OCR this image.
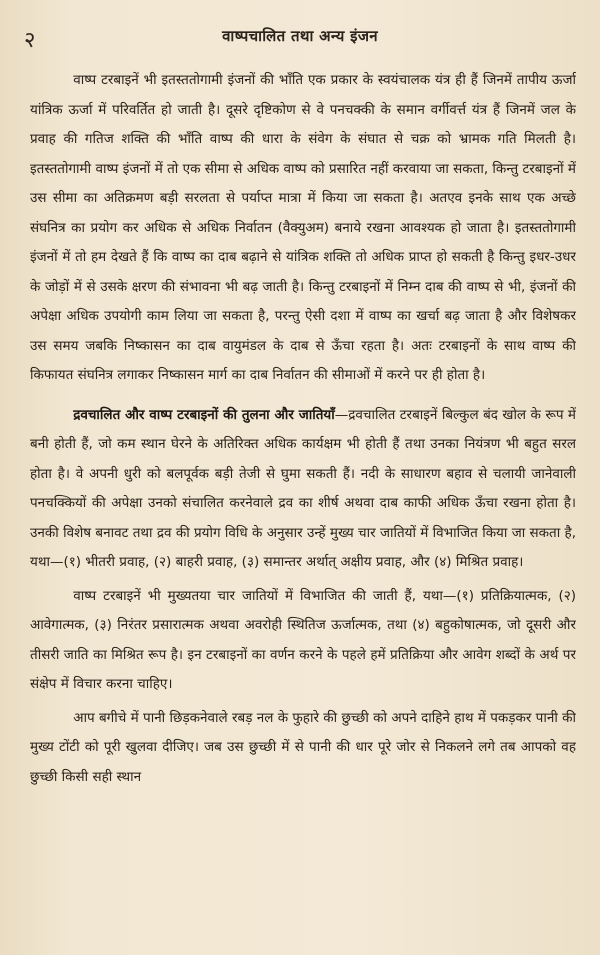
२	वाष्पचालित तथा अन्य इंजन

वाष्प टरबाइनें भी इतस्ततोगामी इंजनों की भाँति एक प्रकार के स्वयंचालक यंत्र ही हैं जिनमें तापीय ऊर्जा यांत्रिक ऊर्जा में परिवर्तित हो जाती है। दूसरे दृष्टिकोण से वे पनचक्की के समान वर्गीवर्त्त यंत्र हैं जिनमें जल के प्रवाह की गतिज शक्ति की भाँति वाष्प की धारा के संवेग के संघात से चक्र को भ्रामक गति मिलती है। इतस्ततोगामी वाष्प इंजनों में तो एक सीमा से अधिक वाष्प को प्रसारित नहीं करवाया जा सकता, किन्तु टरबाइनों में उस सीमा का अतिक्रमण बड़ी सरलता से पर्याप्त मात्रा में किया जा सकता है। अतएव इनके साथ एक अच्छे संघनित्र का प्रयोग कर अधिक से अधिक निर्वातन (वैक्युअम) बनाये रखना आवश्यक हो जाता है। इतस्ततोगामी इंजनों में तो हम देखते हैं कि वाष्प का दाब बढ़ाने से यांत्रिक शक्ति तो अधिक प्राप्त हो सकती है किन्तु इधर-उधर के जोड़ों में से उसके क्षरण की संभावना भी बढ़ जाती है। किन्तु टरबाइनों में निम्न दाब की वाष्प से भी, इंजनों की अपेक्षा अधिक उपयोगी काम लिया जा सकता है, परन्तु ऐसी दशा में वाष्प का खर्चा बढ़ जाता है और विशेषकर उस समय जबकि निष्कासन का दाब वायुमंडल के दाब से ऊँचा रहता है। अतः टरबाइनों के साथ वाष्प की किफायत संघनित्र लगाकर निष्कासन मार्ग का दाब निर्वातन की सीमाओं में करने पर ही होता है।

द्रवचालित और वाष्प टरबाइनों की तुलना और जातियाँ—द्रवचालित टरबाइनें बिल्कुल बंद खोल के रूप में बनी होती हैं, जो कम स्थान घेरने के अतिरिक्त अधिक कार्यक्षम भी होती हैं तथा उनका नियंत्रण भी बहुत सरल होता है। वे अपनी धुरी को बलपूर्वक बड़ी तेजी से घुमा सकती हैं। नदी के साधारण बहाव से चलायी जानेवाली पनचक्कियों की अपेक्षा उनको संचालित करनेवाले द्रव का शीर्ष अथवा दाब काफी अधिक ऊँचा रखना होता है। उनकी विशेष बनावट तथा द्रव की प्रयोग विधि के अनुसार उन्हें मुख्य चार जातियों में विभाजित किया जा सकता है, यथा—(१) भीतरी प्रवाह, (२) बाहरी प्रवाह, (३) समान्तर अर्थात् अक्षीय प्रवाह, और (४) मिश्रित प्रवाह।

वाष्प टरबाइनें भी मुख्यतया चार जातियों में विभाजित की जाती हैं, यथा—(१) प्रतिक्रियात्मक, (२) आवेगात्मक, (३) निरंतर प्रसारात्मक अथवा अवरोही स्थितिज ऊर्जात्मक, तथा (४) बहुकोषात्मक, जो दूसरी और तीसरी जाति का मिश्रित रूप है। इन टरबाइनों का वर्णन करने के पहले हमें प्रतिक्रिया और आवेग शब्दों के अर्थ पर संक्षेप में विचार करना चाहिए।

आप बगीचे में पानी छिड़कनेवाले रबड़ नल के फुहारे की छुच्छी को अपने दाहिने हाथ में पकड़कर पानी की मुख्य टोंटी को पूरी खुलवा दीजिए। जब उस छुच्छी में से पानी की धार पूरे जोर से निकलने लगे तब आपको वह छुच्छी किसी सही स्थान
